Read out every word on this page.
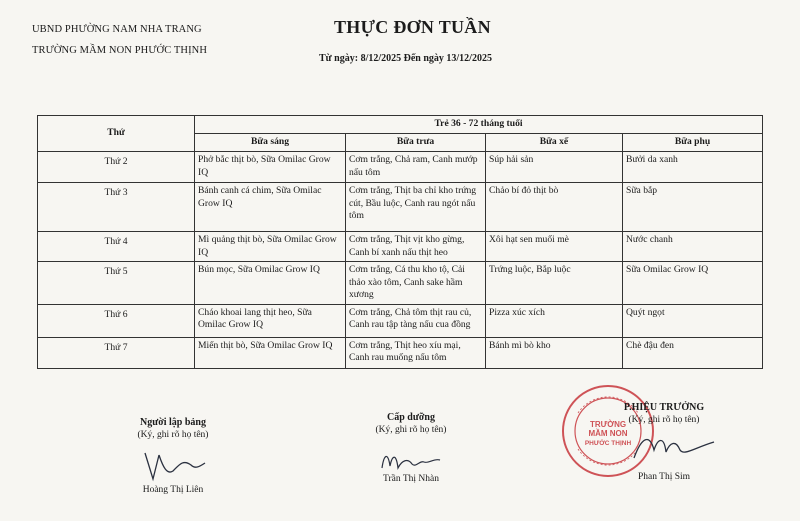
UBND PHƯỜNG NAM NHA TRANG
TRƯỜNG MẦM NON PHƯỚC THỊNH
THỰC ĐƠN TUẦN
Từ ngày: 8/12/2025 Đến ngày 13/12/2025
Thứ	Trẻ 36 - 72 tháng tuổi			
	Bữa sáng	Bữa trưa	Bữa xế	Bữa phụ
Thứ 2	Phở bắc thịt bò, Sữa Omilac Grow IQ	Cơm trắng, Chả ram, Canh mướp nấu tôm	Súp hải sản	Bưởi da xanh
Thứ 3	Bánh canh cá chim, Sữa Omilac Grow IQ	Cơm trắng, Thịt ba chỉ kho trứng cút, Bầu luộc, Canh rau ngót nấu tôm	Chảo bí đỏ thịt bò	Sữa bắp
Thứ 4	Mì quảng thịt bò, Sữa Omilac Grow IQ	Cơm trắng, Thịt vịt kho gừng, Canh bí xanh nấu thịt heo	Xôi hạt sen muối mè	Nước chanh
Thứ 5	Bún mọc, Sữa Omilac Grow IQ	Cơm trắng, Cá thu kho tộ, Cải thảo xào tôm, Canh sake hầm xương	Trứng luộc, Bắp luộc	Sữa Omilac Grow IQ
Thứ 6	Cháo khoai lang thịt heo, Sữa Omilac Grow IQ	Cơm trắng, Chả tôm thịt rau củ, Canh rau tập tàng nấu cua đồng	Pizza xúc xích	Quýt ngọt
Thứ 7	Miến thịt bò, Sữa Omilac Grow IQ	Cơm trắng, Thịt heo xíu mại, Canh rau muống nấu tôm	Bánh mì bò kho	Chè đậu đen
Người lập bảng
(Ký, ghi rõ họ tên)
Hoàng Thị Liên
Cấp dưỡng
(Ký, ghi rõ họ tên)
Trần Thị Nhàn
TRƯỜNG
MẦM NON
PHƯỚC THỊNH
P.HIỆU TRƯỞNG
(Ký, ghi rõ họ tên)
Phan Thị Sim
